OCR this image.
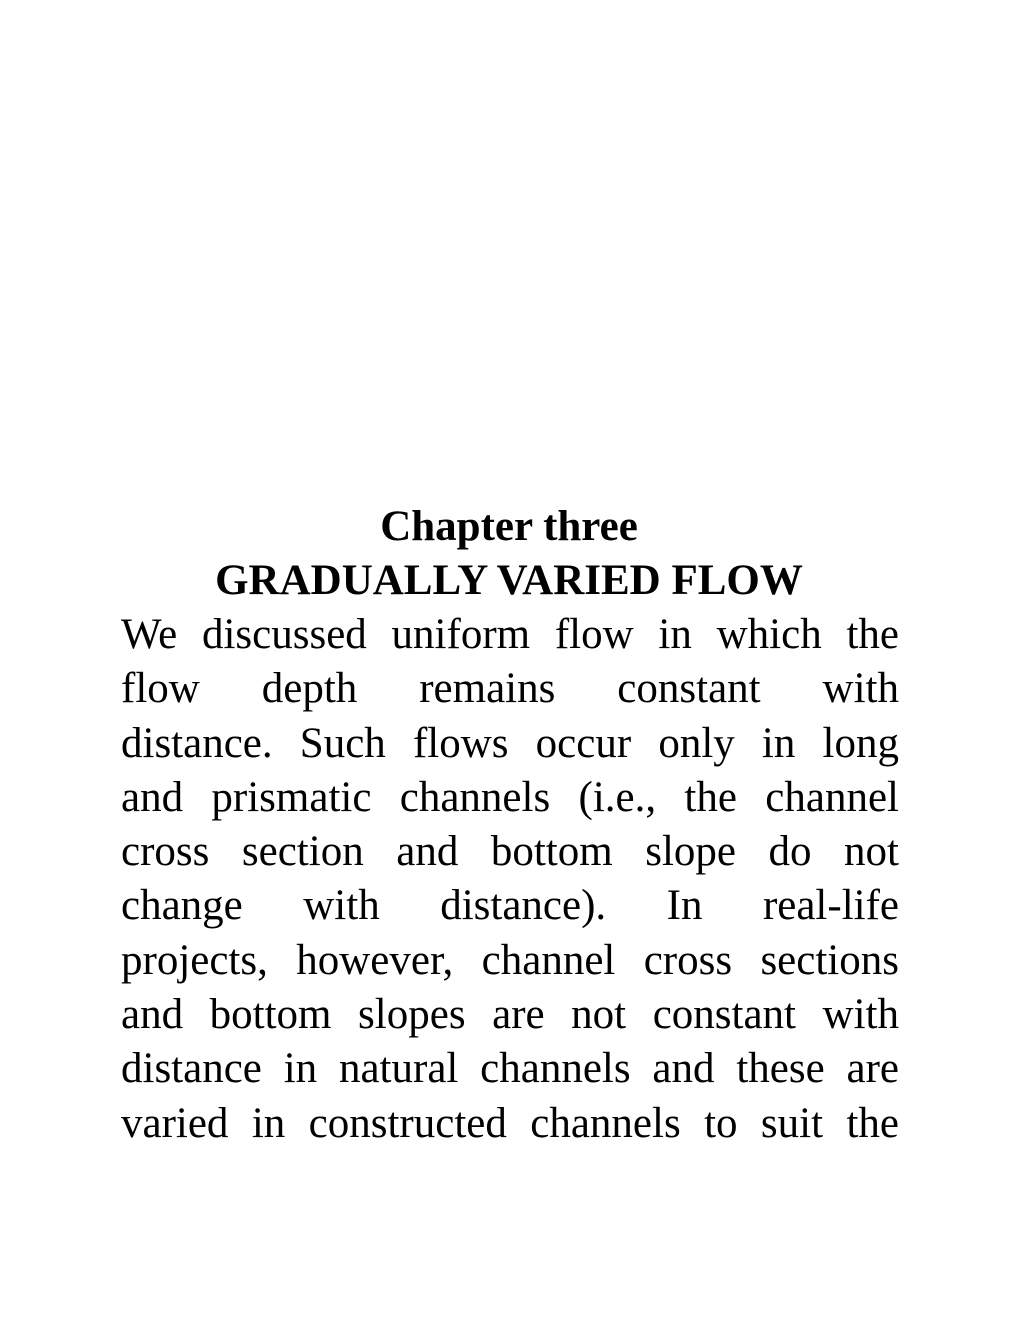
Chapter three
GRADUALLY VARIED FLOW
We discussed uniform flow in which the
flow depth remains constant with
distance. Such flows occur only in long
and prismatic channels (i.e., the channel
cross section and bottom slope do not
change with distance). In real-life
projects, however, channel cross sections
and bottom slopes are not constant with
distance in natural channels and these are
varied in constructed channels to suit the
